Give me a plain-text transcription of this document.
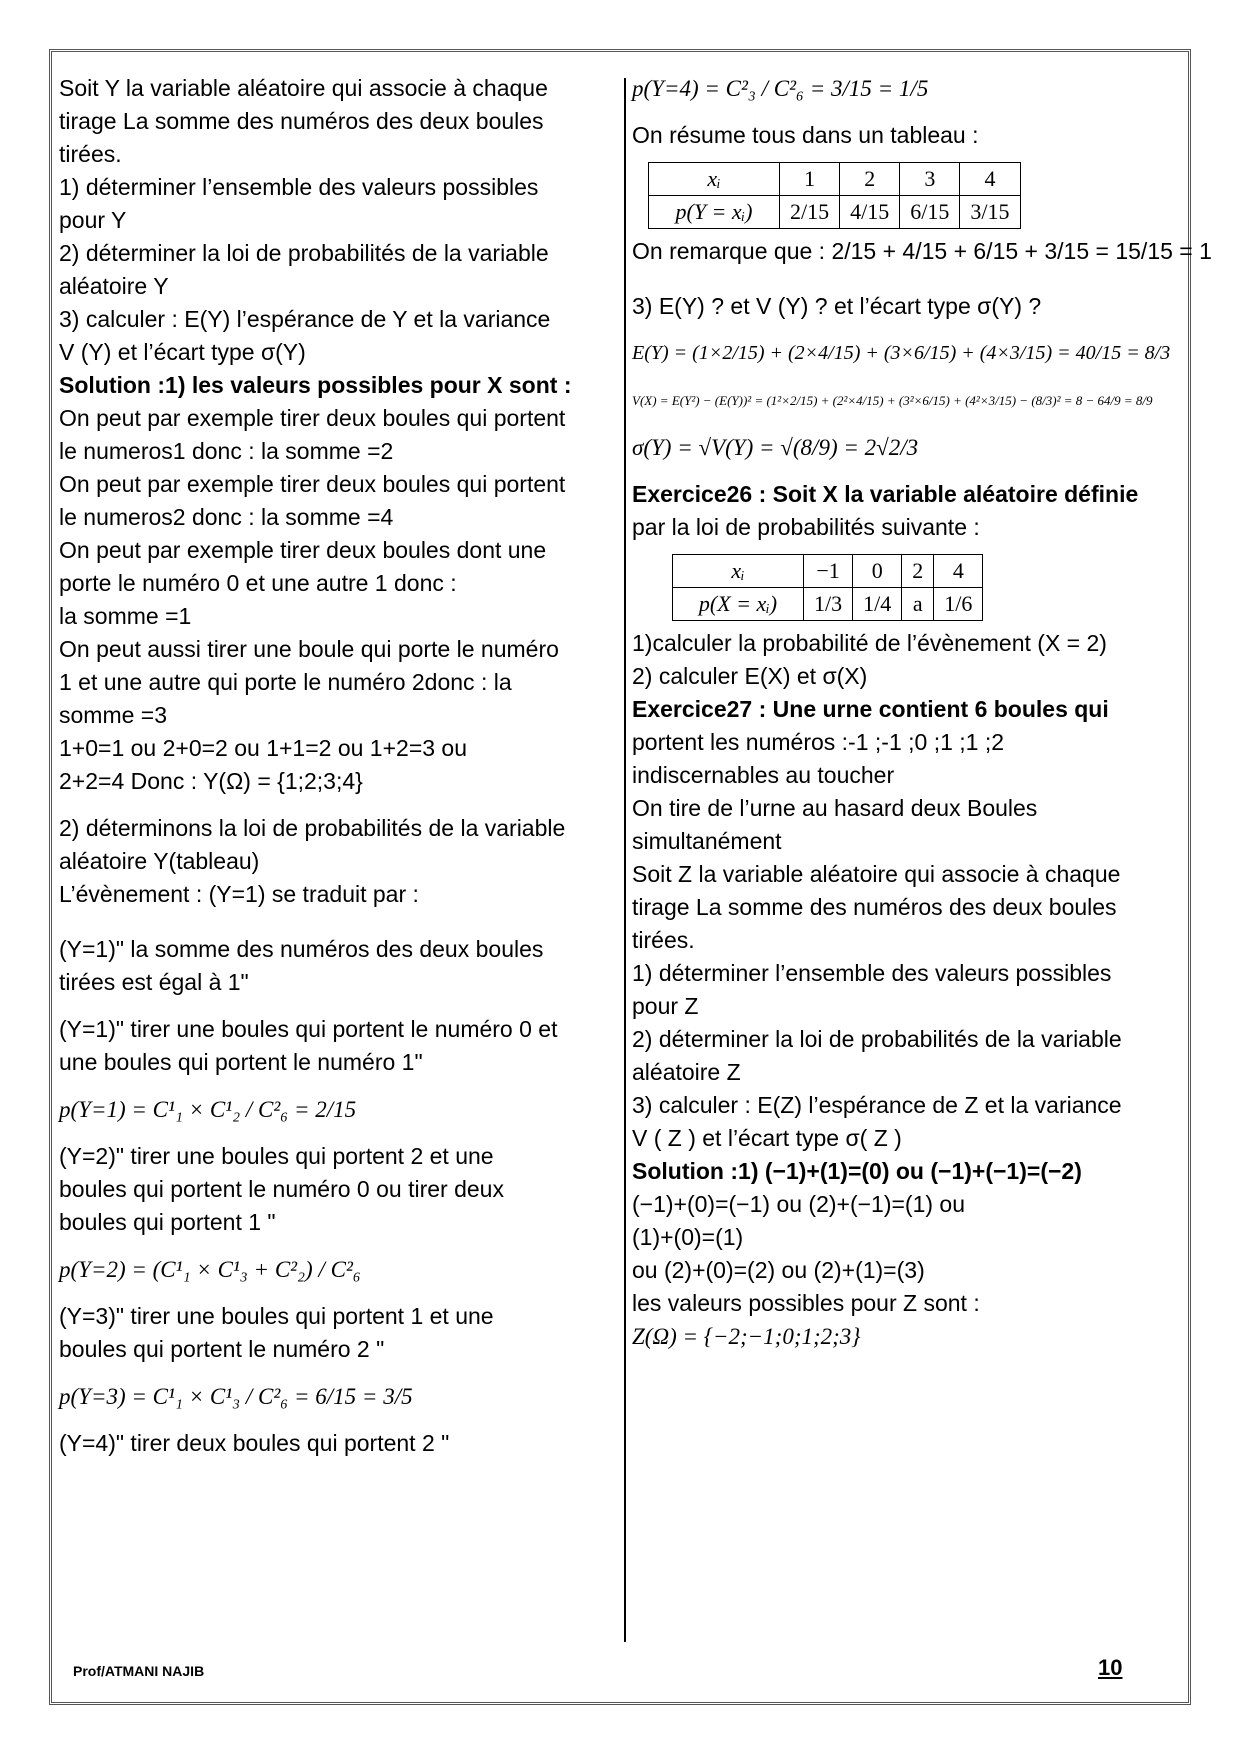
Soit Y la variable aléatoire qui associe à chaque
tirage La somme des numéros des deux boules
tirées.
1) déterminer l’ensemble des valeurs possibles
pour Y
2) déterminer la loi de probabilités de la variable
aléatoire Y
3) calculer : E(Y) l’espérance de Y et la variance
V (Y) et l’écart type σ(Y)
Solution :1) les valeurs possibles pour X sont :
On peut par exemple tirer deux boules qui portent
le numeros1 donc : la somme =2
On peut par exemple tirer deux boules qui portent
le numeros2 donc : la somme =4
On peut par exemple tirer deux boules dont une
porte le numéro 0 et une autre 1 donc :
la somme =1
On peut aussi tirer une boule qui porte le numéro
1 et une autre qui porte le numéro 2donc : la
somme =3
1+0=1 ou 2+0=2 ou 1+1=2 ou 1+2=3 ou
2+2=4 Donc : Y(Ω) = {1;2;3;4}
2) déterminons la loi de probabilités de la variable
aléatoire Y(tableau)
L’évènement : (Y=1) se traduit par :
(Y=1)" la somme des numéros des deux boules
tirées est égal à 1"
(Y=1)" tirer une boules qui portent le numéro 0 et
une boules qui portent le numéro 1"
p(Y=1) = C¹₁ × C¹₂ / C²₆ = 2/15
(Y=2)" tirer une boules qui portent 2 et une
boules qui portent le numéro 0 ou tirer deux
boules qui portent 1 "
p(Y=2) = (C¹₁ × C¹₃ + C²₂) / C²₆
(Y=3)" tirer une boules qui portent 1 et une
boules qui portent le numéro 2 "
p(Y=3) = C¹₁ × C¹₃ / C²₆ = 6/15 = 3/5
(Y=4)" tirer deux boules qui portent 2 "
p(Y=4) = C²₃ / C²₆ = 3/15 = 1/5
On résume tous dans un tableau :
xᵢ	1	2	3	4
p(Y = xᵢ)	2/15	4/15	6/15	3/15
On remarque que : 2/15 + 4/15 + 6/15 + 3/15 = 15/15 = 1
3) E(Y) ? et V (Y) ? et l’écart type σ(Y) ?
E(Y) = (1×2/15) + (2×4/15) + (3×6/15) + (4×3/15) = 40/15 = 8/3
V(X) = E(Y²) − (E(Y))² = (1²×2/15) + (2²×4/15) + (3²×6/15) + (4²×3/15) − (8/3)² = 8 − 64/9 = 8/9
σ(Y) = √V(Y) = √(8/9) = 2√2/3
Exercice26 : Soit X la variable aléatoire définie
par la loi de probabilités suivante :
xᵢ	−1	0	2	4
p(X = xᵢ)	1/3	1/4	a	1/6
1)calculer la probabilité de l’évènement (X = 2)
2) calculer E(X) et σ(X)
Exercice27 : Une urne contient 6 boules qui
portent les numéros :-1 ;-1 ;0 ;1 ;1 ;2
indiscernables au toucher
On tire de l’urne au hasard deux Boules
simultanément
Soit Z la variable aléatoire qui associe à chaque
tirage La somme des numéros des deux boules
tirées.
1) déterminer l’ensemble des valeurs possibles
pour Z
2) déterminer la loi de probabilités de la variable
aléatoire Z
3) calculer : E(Z) l’espérance de Z et la variance
V ( Z ) et l’écart type σ( Z )
Solution :1) (−1)+(1)=(0) ou (−1)+(−1)=(−2)
(−1)+(0)=(−1) ou (2)+(−1)=(1) ou
(1)+(0)=(1)
ou (2)+(0)=(2) ou (2)+(1)=(3)
les valeurs possibles pour Z sont :
Z(Ω) = {−2;−1;0;1;2;3}
Prof/ATMANI NAJIB	10
